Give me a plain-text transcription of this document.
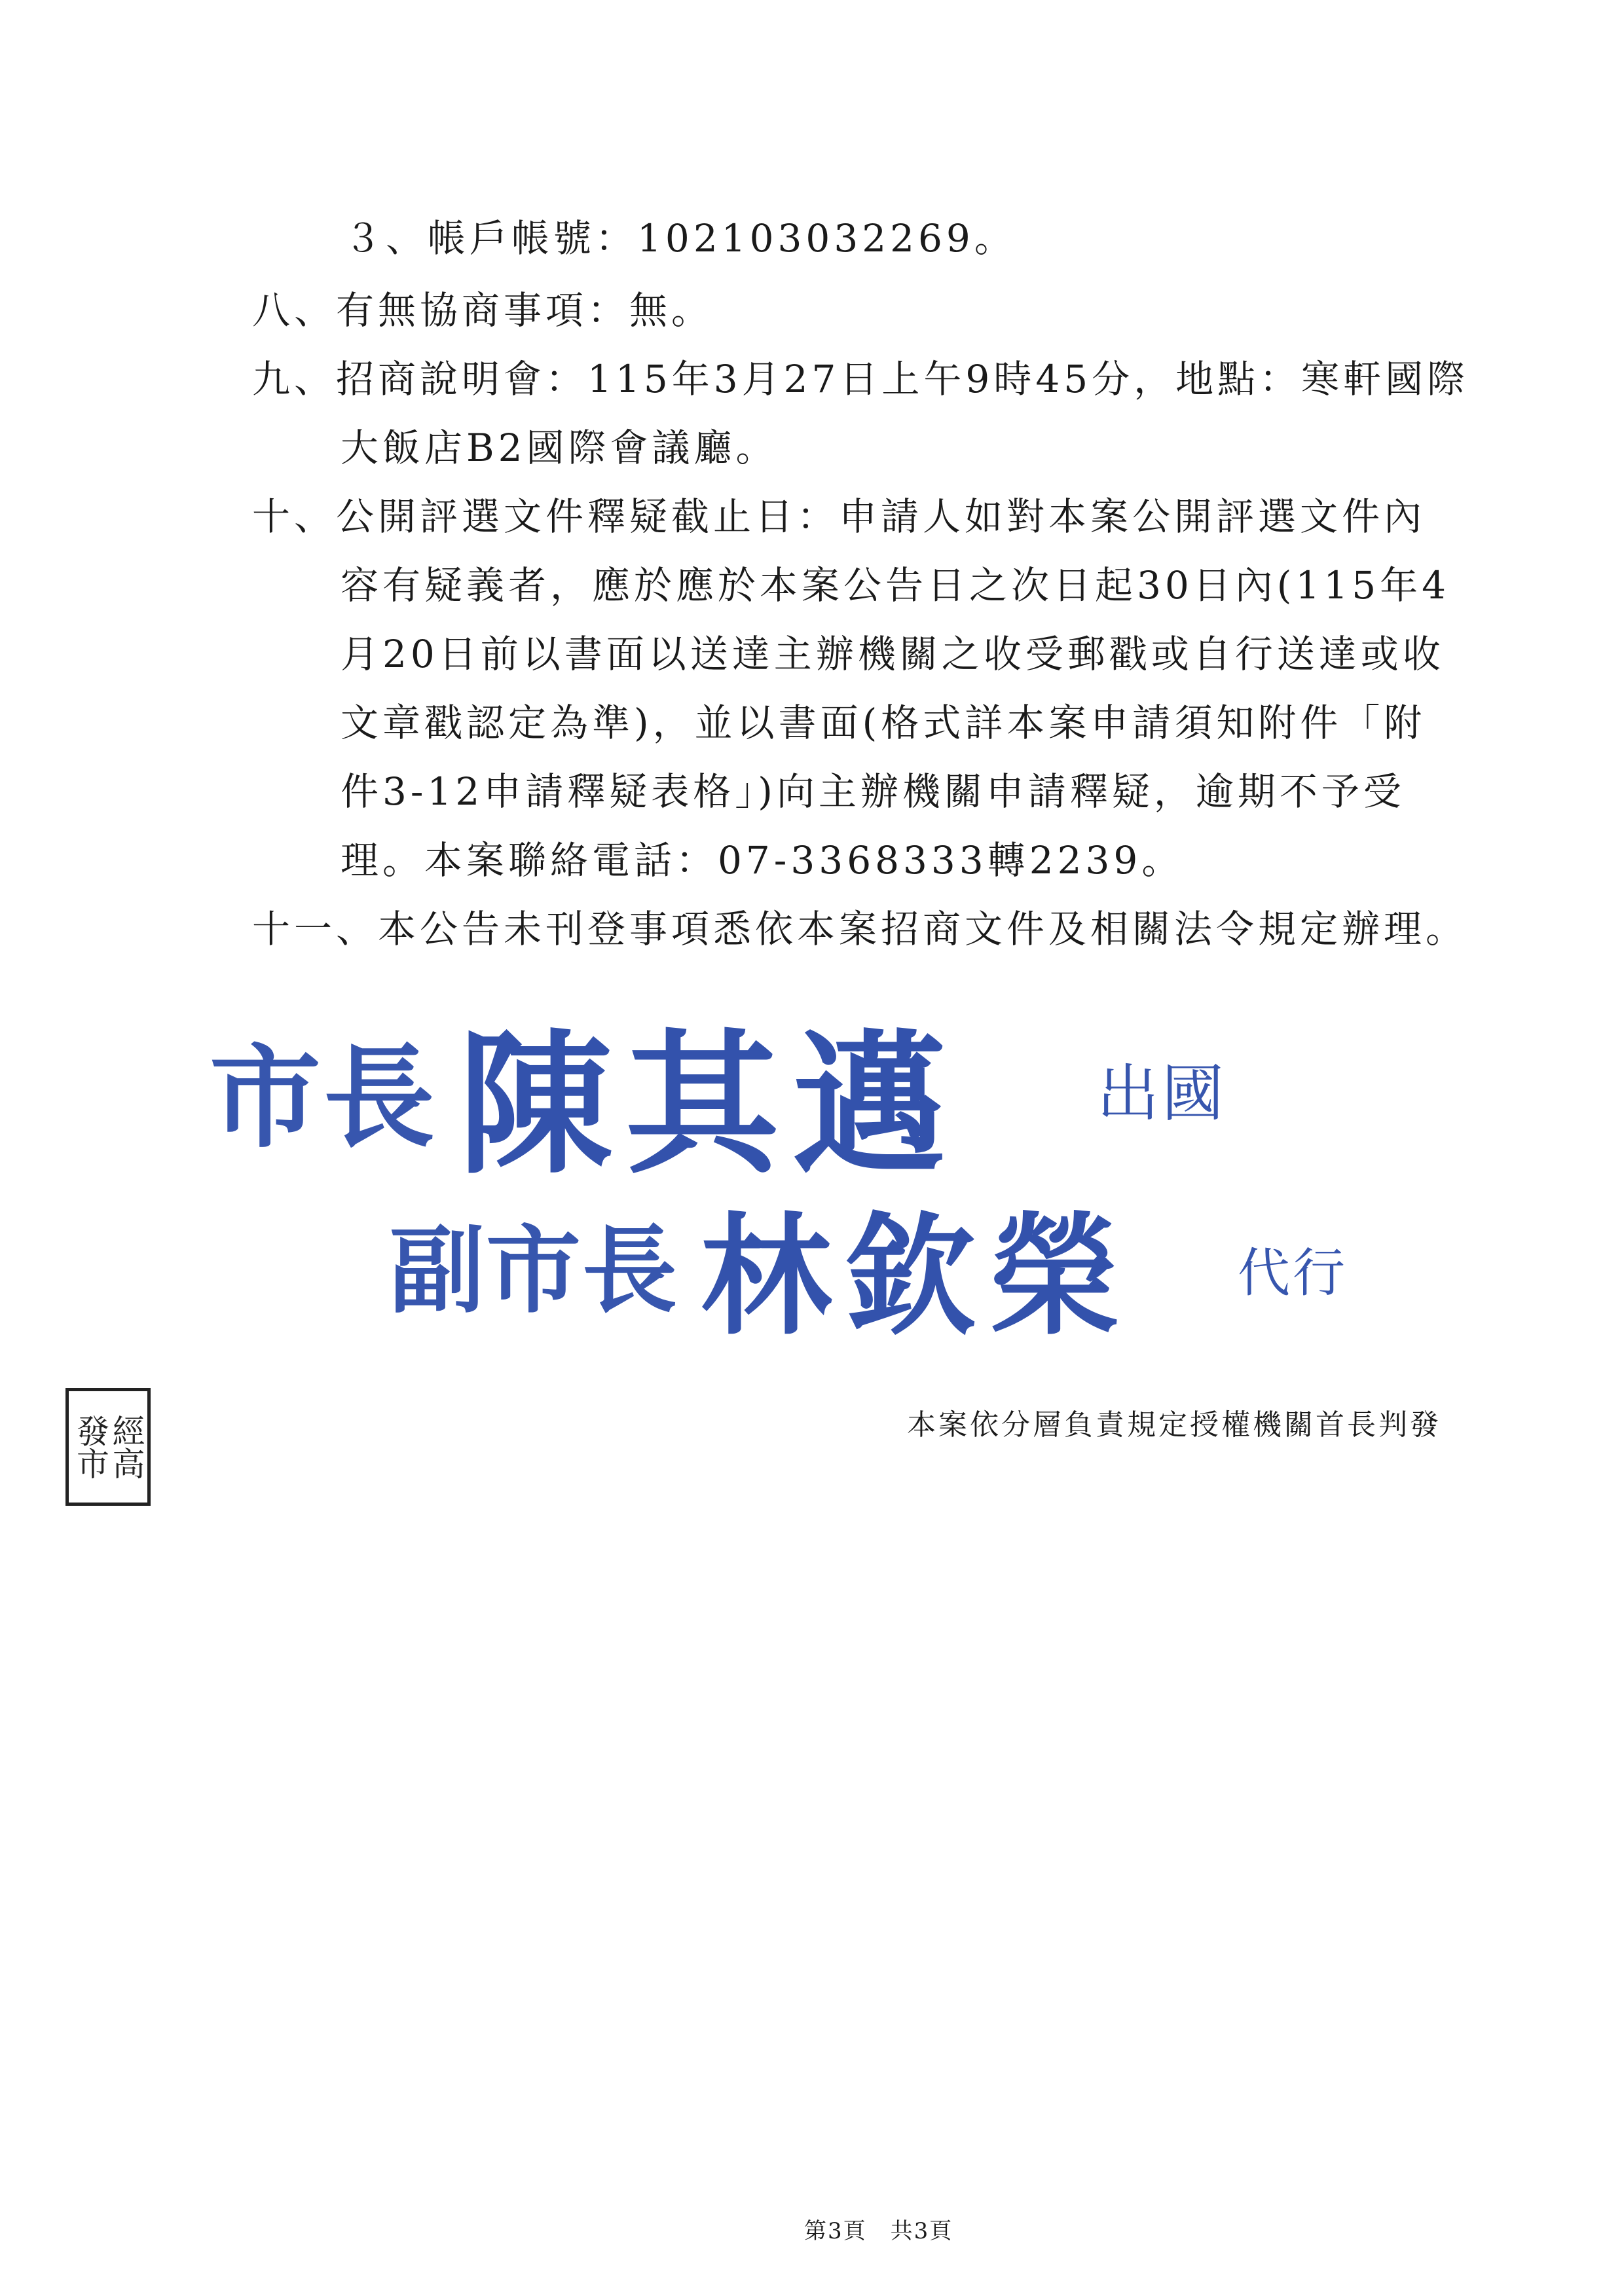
３、帳戶帳號：102103032269。
八、有無協商事項：無。
九、招商說明會：115年3月27日上午9時45分，地點：寒軒國際
大飯店B2國際會議廳。
十、公開評選文件釋疑截止日：申請人如對本案公開評選文件內
容有疑義者，應於應於本案公告日之次日起30日內(115年4
月20日前以書面以送達主辦機關之收受郵戳或自行送達或收
文章戳認定為準)，並以書面(格式詳本案申請須知附件「附
件3-12申請釋疑表格」)向主辦機關申請釋疑，逾期不予受
理。本案聯絡電話：07-3368333轉2239。
十一、本公告未刊登事項悉依本案招商文件及相關法令規定辦理。
市長 陳其邁 出國
副市長 林欽榮 代行
經高
發市	本案依分層負責規定授權機關首長判發
第3頁　共3頁
